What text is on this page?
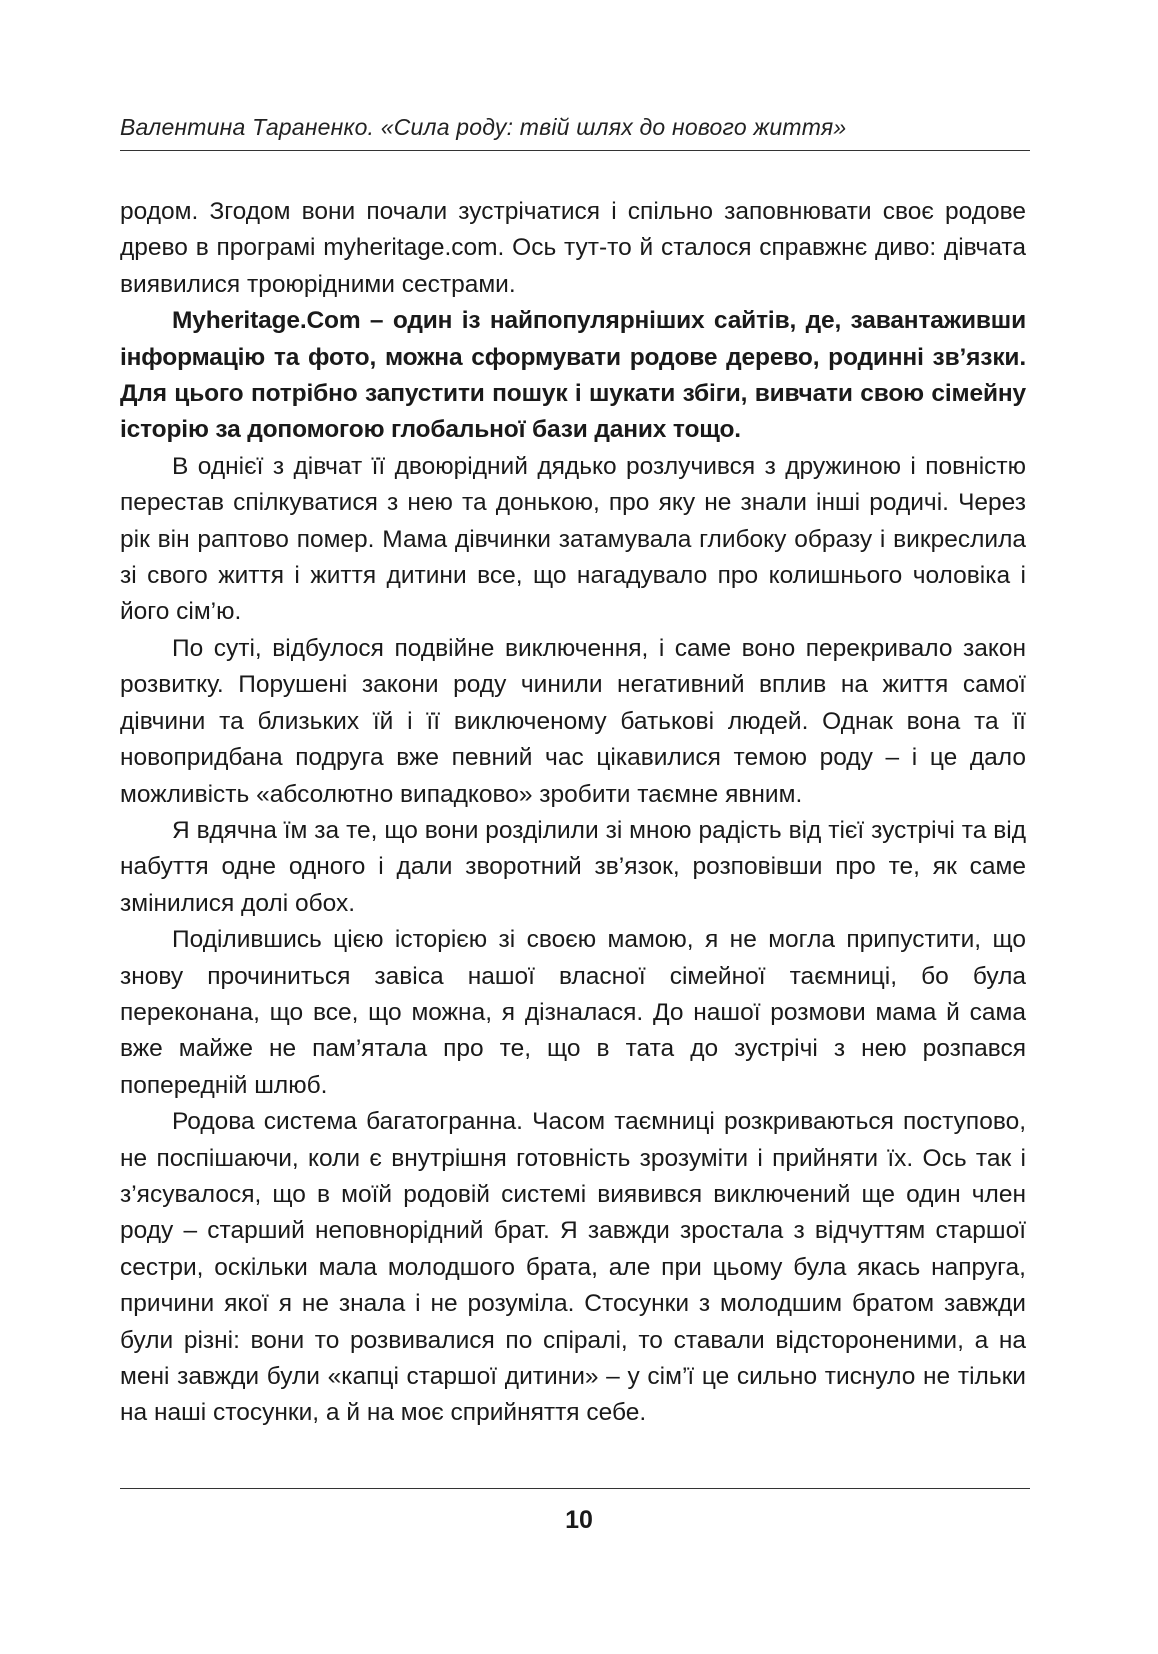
Валентина Тараненко. «Сила роду: твій шлях до нового життя»

родом. Згодом вони почали зустрічатися і спільно заповнювати своє родове древо в програмі myheritage.com. Ось тут-то й сталося справжнє диво: дівчата виявилися троюрідними сестрами.

Myheritage.Com – один із найпопулярніших сайтів, де, завантаживши інформацію та фото, можна сформувати родове дерево, родинні зв’язки. Для цього потрібно запустити пошук і шукати збіги, вивчати свою сімейну історію за допомогою глобальної бази даних тощо.

В однієї з дівчат її двоюрідний дядько розлучився з дружиною і повністю перестав спілкуватися з нею та донькою, про яку не знали інші родичі. Через рік він раптово помер. Мама дівчинки затамувала глибоку образу і викреслила зі свого життя і життя дитини все, що нагадувало про колишнього чоловіка і його сім’ю.

По суті, відбулося подвійне виключення, і саме воно перекривало закон розвитку. Порушені закони роду чинили негативний вплив на життя самої дівчини та близьких їй і її виключеному батькові людей. Однак вона та її новопридбана подруга вже певний час цікавилися темою роду – і це дало можливість «абсолютно випадково» зробити таємне явним.

Я вдячна їм за те, що вони розділили зі мною радість від тієї зустрічі та від набуття одне одного і дали зворотний зв’язок, розповівши про те, як саме змінилися долі обох.

Поділившись цією історією зі своєю мамою, я не могла припустити, що знову прочиниться завіса нашої власної сімейної таємниці, бо була переконана, що все, що можна, я дізналася. До нашої розмови мама й сама вже майже не пам’ятала про те, що в тата до зустрічі з нею розпався попередній шлюб.

Родова система багатогранна. Часом таємниці розкриваються поступово, не поспішаючи, коли є внутрішня готовність зрозуміти і прийняти їх. Ось так і з’ясувалося, що в моїй родовій системі виявився виключений ще один член роду – старший неповнорідний брат. Я завжди зростала з відчуттям старшої сестри, оскільки мала молодшого брата, але при цьому була якась напруга, причини якої я не знала і не розуміла. Стосунки з молодшим братом завжди були різні: вони то розвивалися по спіралі, то ставали відстороненими, а на мені завжди були «капці старшої дитини» – у сім’ї це сильно тиснуло не тільки на наші стосунки, а й на моє сприйняття себе.

10
